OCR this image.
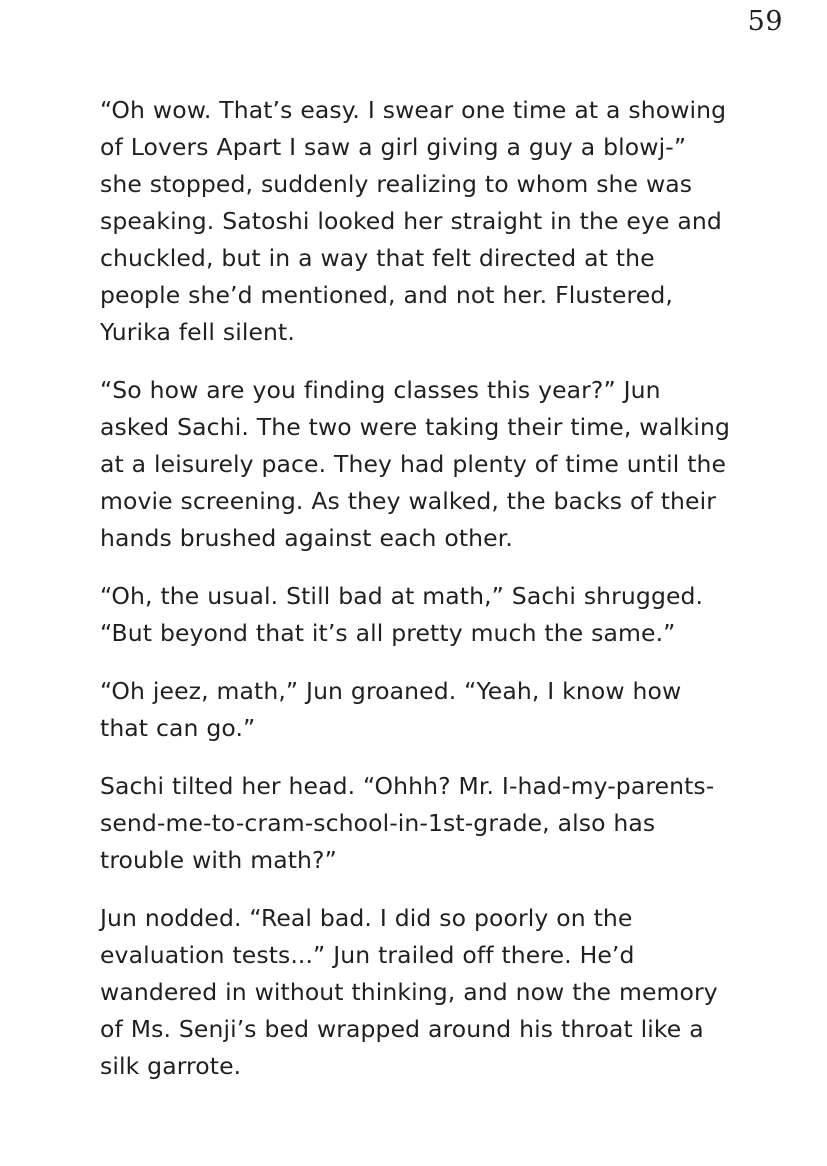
59

“Oh wow. That’s easy. I swear one time at a showing of Lovers Apart I saw a girl giving a guy a blowj-” she stopped, suddenly realizing to whom she was speaking. Satoshi looked her straight in the eye and chuckled, but in a way that felt directed at the people she’d mentioned, and not her. Flustered, Yurika fell silent.

“So how are you finding classes this year?” Jun asked Sachi. The two were taking their time, walking at a leisurely pace. They had plenty of time until the movie screening. As they walked, the backs of their hands brushed against each other.

“Oh, the usual. Still bad at math,” Sachi shrugged. “But beyond that it’s all pretty much the same.”

“Oh jeez, math,” Jun groaned. “Yeah, I know how that can go.”

Sachi tilted her head. “Ohhh? Mr. I-had-my-parents-send-me-to-cram-school-in-1st-grade, also has trouble with math?”

Jun nodded. “Real bad. I did so poorly on the evaluation tests...” Jun trailed off there. He’d wandered in without thinking, and now the memory of Ms. Senji’s bed wrapped around his throat like a silk garrote.
